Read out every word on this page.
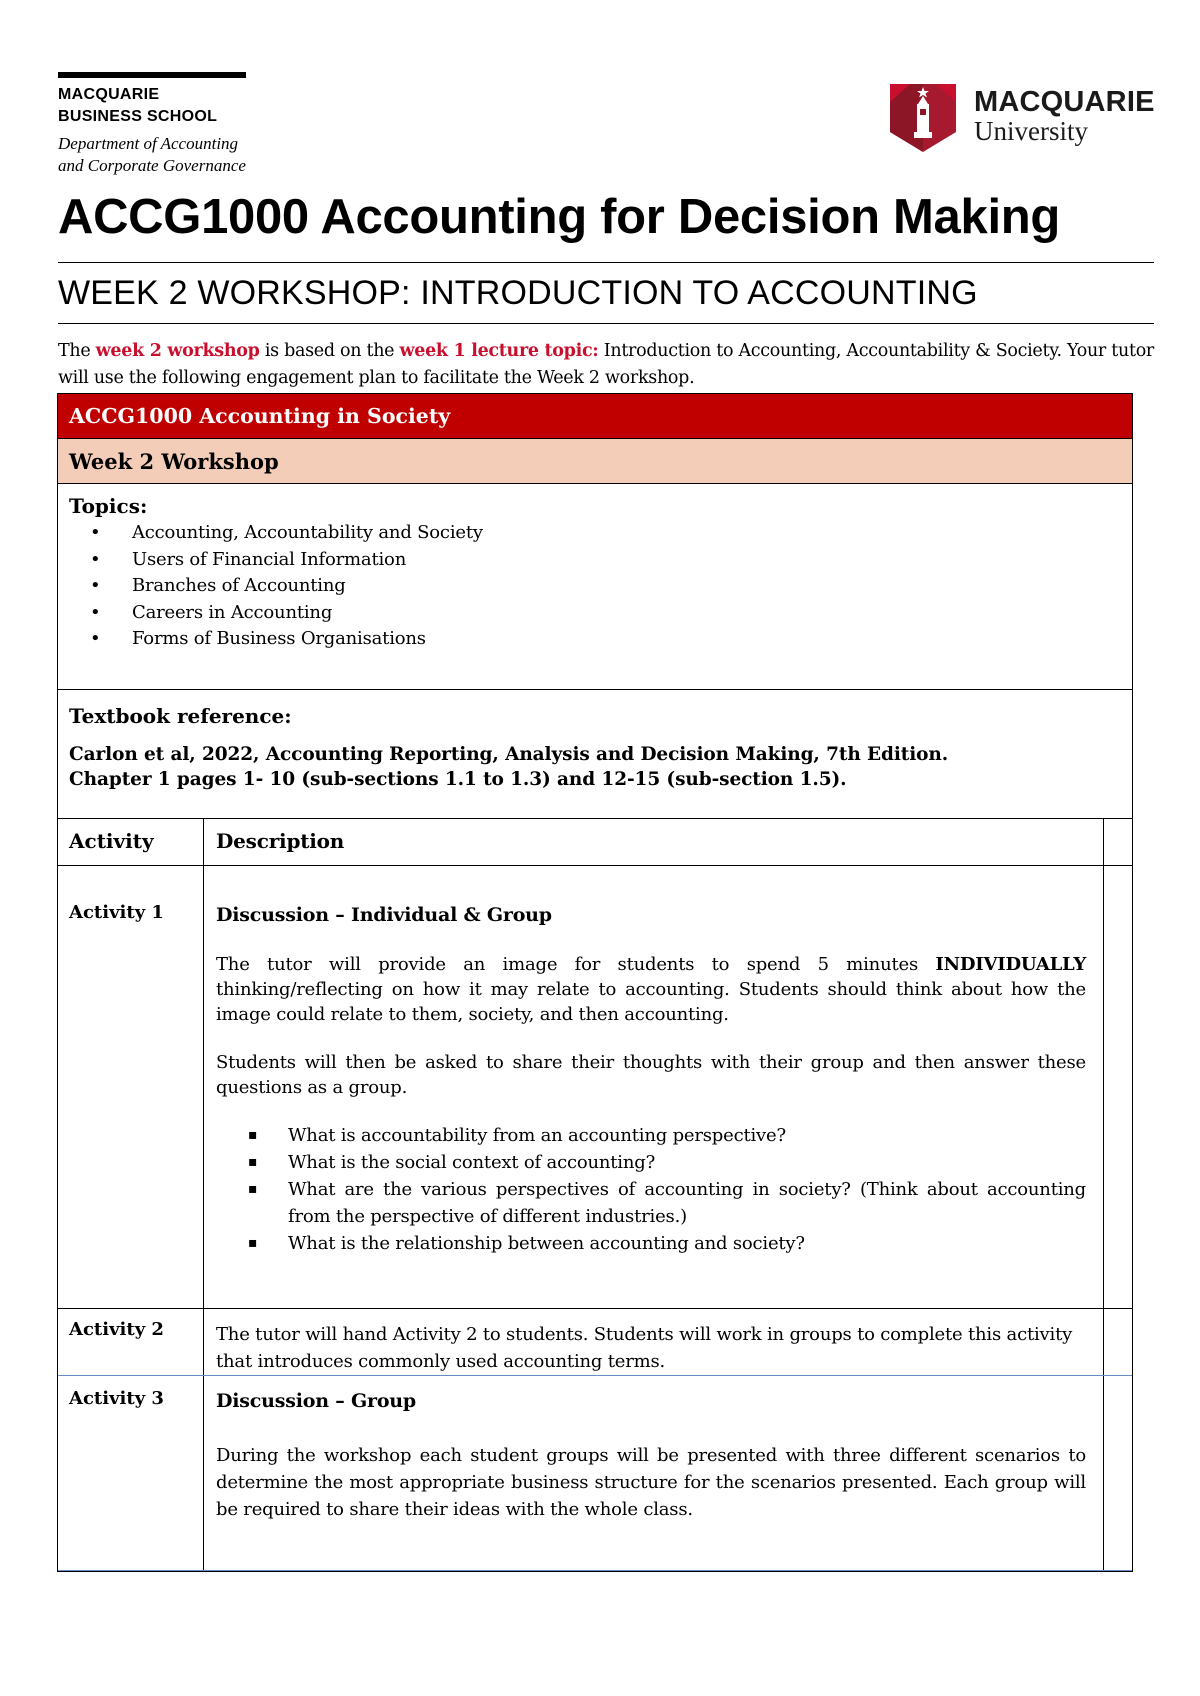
MACQUARIE
BUSINESS SCHOOL
Department of Accounting
and Corporate Governance
MACQUARIE
University
ACCG1000 Accounting for Decision Making
WEEK 2 WORKSHOP: INTRODUCTION TO ACCOUNTING
The week 2 workshop is based on the week 1 lecture topic: Introduction to Accounting, Accountability & Society. Your tutor will use the following engagement plan to facilitate the Week 2 workshop.
ACCG1000 Accounting in Society
Week 2 Workshop
Topics:
• Accounting, Accountability and Society
• Users of Financial Information
• Branches of Accounting
• Careers in Accounting
• Forms of Business Organisations
Textbook reference:
Carlon et al, 2022, Accounting Reporting, Analysis and Decision Making, 7th Edition.
Chapter 1 pages 1- 10 (sub-sections 1.1 to 1.3) and 12-15 (sub-section 1.5).
Activity	Description
Activity 1	Discussion – Individual & Group
The tutor will provide an image for students to spend 5 minutes INDIVIDUALLY thinking/reflecting on how it may relate to accounting. Students should think about how the image could relate to them, society, and then accounting.
Students will then be asked to share their thoughts with their group and then answer these questions as a group.
▪ What is accountability from an accounting perspective?
▪ What is the social context of accounting?
▪ What are the various perspectives of accounting in society? (Think about accounting from the perspective of different industries.)
▪ What is the relationship between accounting and society?
Activity 2	The tutor will hand Activity 2 to students. Students will work in groups to complete this activity that introduces commonly used accounting terms.
Activity 3	Discussion – Group
During the workshop each student groups will be presented with three different scenarios to determine the most appropriate business structure for the scenarios presented. Each group will be required to share their ideas with the whole class.
